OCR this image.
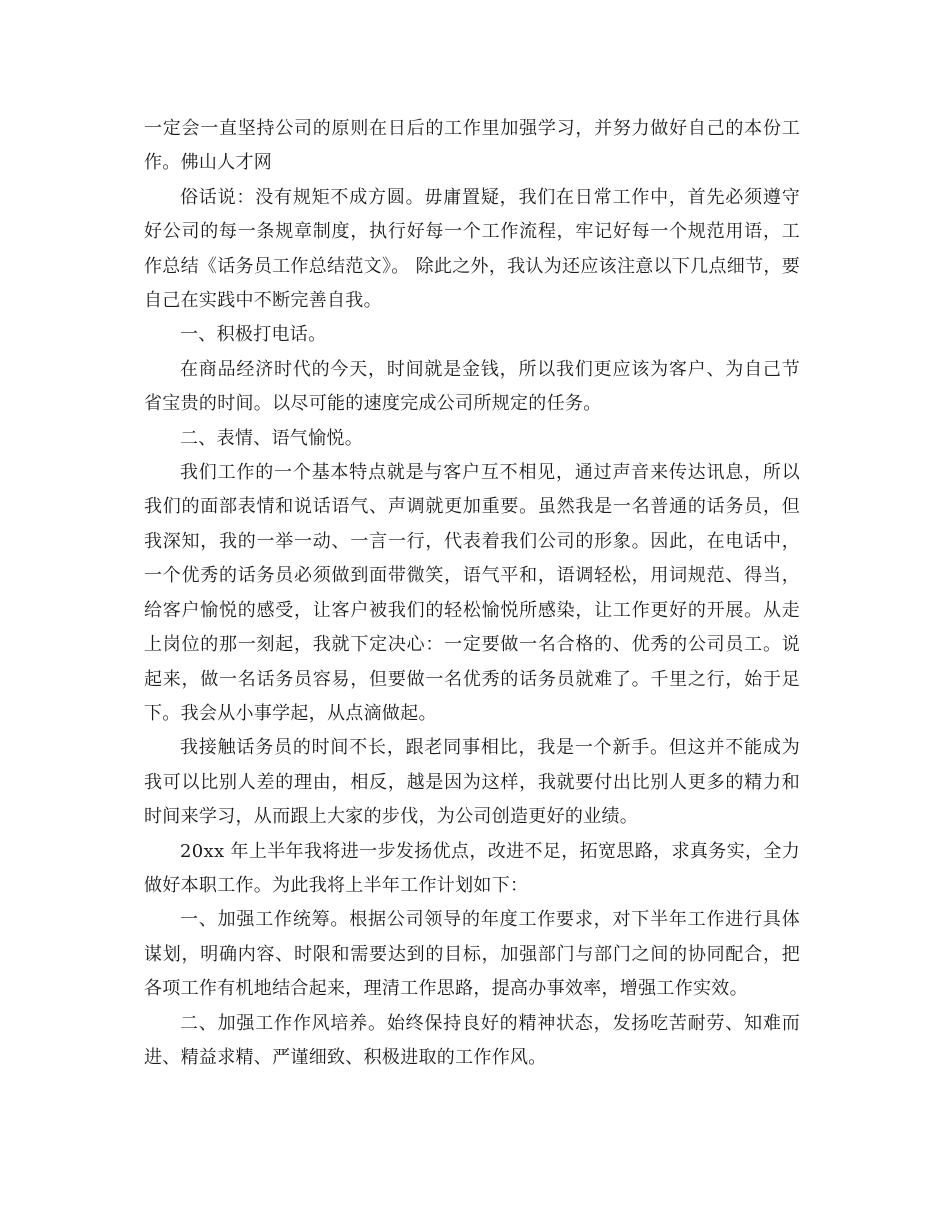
一定会一直坚持公司的原则在日后的工作里加强学习，并努力做好自己的本份工作。佛山人才网

俗话说：没有规矩不成方圆。毋庸置疑，我们在日常工作中，首先必须遵守好公司的每一条规章制度，执行好每一个工作流程，牢记好每一个规范用语，工作总结《话务员工作总结范文》。 除此之外，我认为还应该注意以下几点细节，要自己在实践中不断完善自我。

一、积极打电话。

在商品经济时代的今天，时间就是金钱，所以我们更应该为客户、为自己节省宝贵的时间。以尽可能的速度完成公司所规定的任务。

二、表情、语气愉悦。

我们工作的一个基本特点就是与客户互不相见，通过声音来传达讯息，所以我们的面部表情和说话语气、声调就更加重要。虽然我是一名普通的话务员，但我深知，我的一举一动、一言一行，代表着我们公司的形象。因此，在电话中，一个优秀的话务员必须做到面带微笑，语气平和，语调轻松，用词规范、得当，给客户愉悦的感受，让客户被我们的轻松愉悦所感染，让工作更好的开展。从走上岗位的那一刻起，我就下定决心：一定要做一名合格的、优秀的公司员工。说起来，做一名话务员容易，但要做一名优秀的话务员就难了。千里之行，始于足下。我会从小事学起，从点滴做起。

我接触话务员的时间不长，跟老同事相比，我是一个新手。但这并不能成为我可以比别人差的理由，相反，越是因为这样，我就要付出比别人更多的精力和时间来学习，从而跟上大家的步伐，为公司创造更好的业绩。

20xx 年上半年我将进一步发扬优点，改进不足，拓宽思路，求真务实，全力做好本职工作。为此我将上半年工作计划如下：

一、加强工作统筹。根据公司领导的年度工作要求，对下半年工作进行具体谋划，明确内容、时限和需要达到的目标，加强部门与部门之间的协同配合，把各项工作有机地结合起来，理清工作思路，提高办事效率，增强工作实效。

二、加强工作作风培养。始终保持良好的精神状态，发扬吃苦耐劳、知难而进、精益求精、严谨细致、积极进取的工作作风。
